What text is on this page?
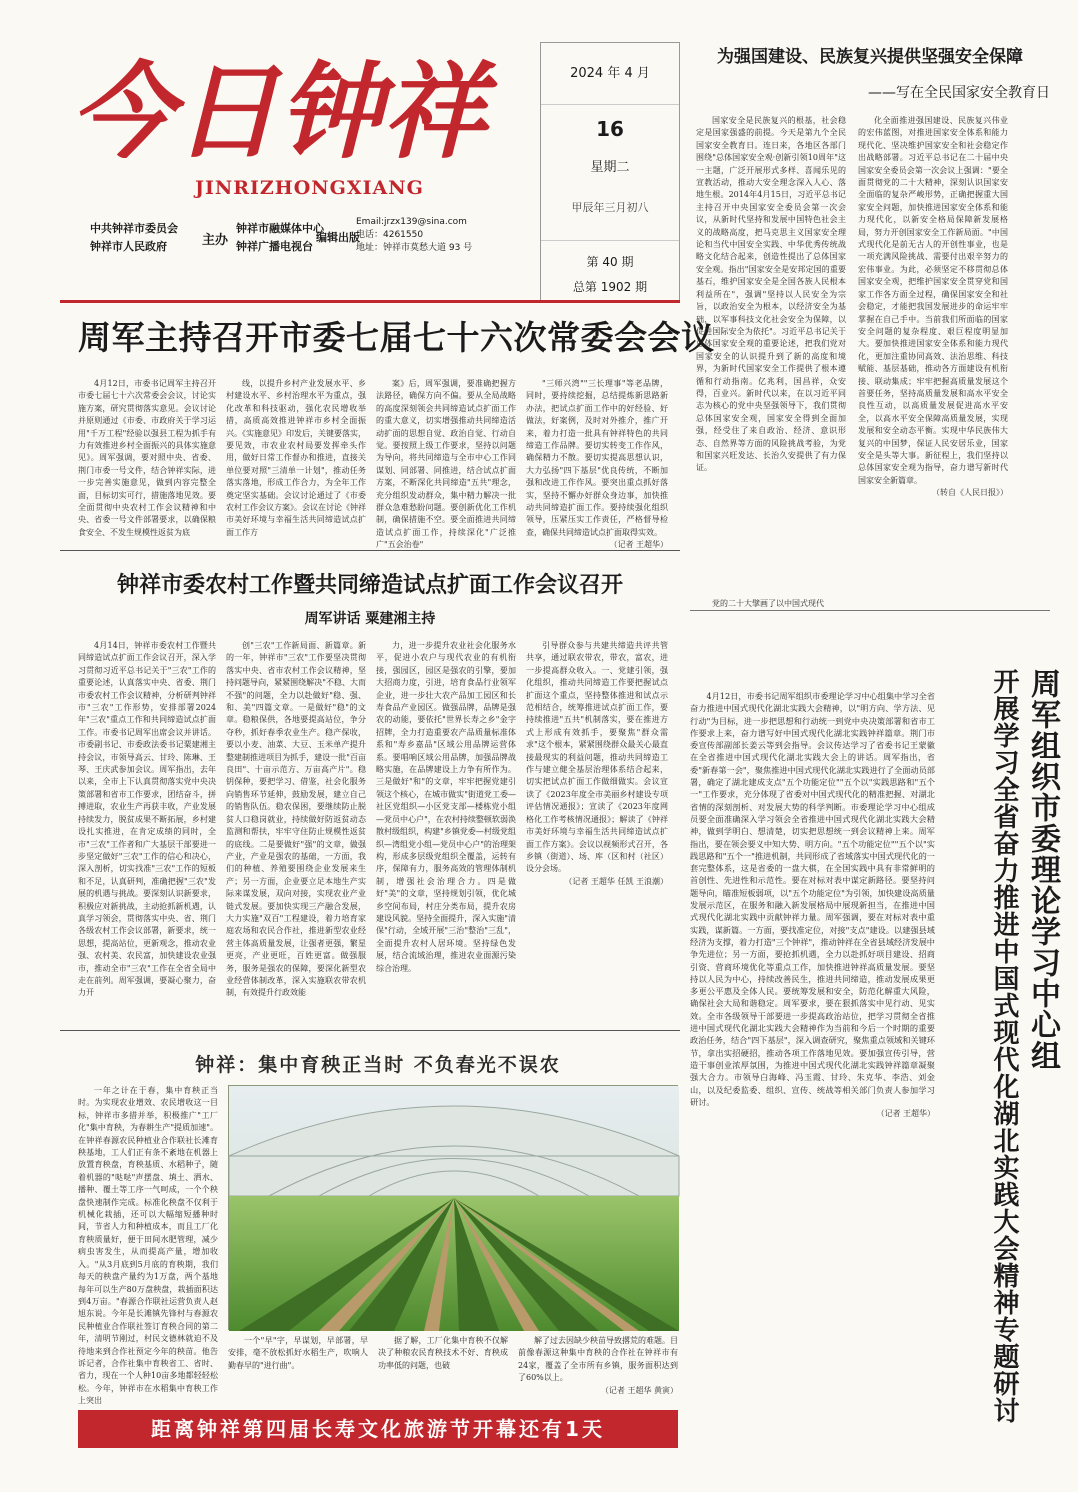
今日钟祥
JINRIZHONGXIANG
中共钟祥市委员会
钟祥市人民政府	主办
钟祥市融媒体中心
钟祥广播电视台
编辑出版
Email:jrzx139@sina.com
电话：4261550
地址：钟祥市莫愁大道 93 号
2024 年 4 月
16
星期二
甲辰年三月初八
第 40 期
总第 1902 期
周军主持召开市委七届七十六次常委会会议

4月12日，市委书记周军主持召开市委七届七十六次常委会会议，讨论实施方案，研究贯彻落实意见。会议讨论并原则通过《市委、市政府关于学习运用"千万工程"经验以强县工程为抓手有力有效推进乡村全面振兴的具体实施意见》。周军强调，要对照中央、省委、荆门市委一号文件，结合钟祥实际，进一步完善实施意见，做到内容完整全面，目标切实可行，措施落地见效。要全面贯彻中央农村工作会议精神和中央、省委一号文件部署要求，以确保粮食安全、不发生规模性返贫为底

线，以提升乡村产业发展水平、乡村建设水平、乡村治理水平为重点，强化改革和科技驱动，强化农民增收举措，高质高效推进钟祥市乡村全面振兴。《实施意见》印发后，关键要落实，要见效，市农业农村局要发挥牵头作用，做好日常工作督办和推进，直接关单位要对照"三清单一计划"，推动任务落实落地，形成工作合力，为全年工作奠定坚实基础。会议讨论通过了《市委农村工作会议方案》。会议在讨论《钟祥市美好环境与幸福生活共同缔造试点扩面工作方

案》后，周军强调，要准确把握方法路径，确保方向不偏。要从全局战略的高度深刻领会共同缔造试点扩面工作的重大意义，切实增强推动共同缔造活动扩面的思想自觉、政治自觉、行动自觉。要按照上级工作要求，坚持以问题为导向，将共同缔造与全市中心工作同谋划、同部署、同推进，结合试点扩面方案，不断深化共同缔造"五共"理念，充分组织发动群众，集中精力解决一批群众急难愁盼问题。要创新优化工作机制，确保措施不空。要全面推进共同缔造试点扩面工作，持续深化"广泛推广"五会治卷"

"三师兴湾""三长理事"等老品牌，同时，要持续挖掘，总结提炼新思路新办法，把试点扩面工作中的好经验、好做法，好案例，及时对外推介，推广开来，着力打造一批具有钟祥特色的共同缔造工作品牌。要切实转变工作作风，确保精力不散。要切实提高思想认识，大力弘扬"四下基层"优良传统，不断加强和改进工作作风。要突出重点抓好落实，坚持不懈办好群众身边事，加快推动共同缔造扩面工作。要持续强化组织领导，压紧压实工作责任，严格督导检查，确保共同缔造试点扩面取得实效。

（记者 王超华）
钟祥市委农村工作暨共同缔造试点扩面工作会议召开
周军讲话 粟建湘主持

4月14日，钟祥市委农村工作暨共同缔造试点扩面工作会议召开，深入学习贯彻习近平总书记关于"三农"工作的重要论述，认真落实中央、省委、荆门市委农村工作会议精神，分析研判钟祥市"三农"工作形势，安排部署2024年"三农"重点工作和共同缔造试点扩面工作。市委书记周军出席会议并讲话。市委副书记、市委政法委书记粟建湘主持会议，市领导高云、甘玲、陈琳、王琴、王庆武参加会议。周军指出，去年以来，全市上下认真贯彻落实党中央决策部署和省市工作要求，团结奋斗，拼搏进取，农业生产再获丰收，产业发展持续发力，脱贫成果不断拓展，乡村建设扎实推进，在肯定成绩的同时，全市"三农"工作者和广大基层干部要进一步坚定做好"三农"工作的信心和决心，深入剖析，切实找准"三农"工作的短板和不足，认真研判，准确把握"三农"发展的机遇与挑战。要深刻认识新要求，积极应对新挑战，主动抢抓新机遇，认真学习领会，贯彻落实中央、省、荆门各级农村工作会议部署，新要求，统一思想，提高站位，更新观念，推动农业强、农村美、农民富，加快建设农业强市，推动全市"三农"工作在全省全局中走在前列。周军强调，要凝心聚力，奋力开

创"三农"工作新局面、新篇章。新的一年，钟祥市"三农"工作要坚决贯彻落实中央、省市农村工作会议精神，坚持问题导向，紧紧围绕解决"不稳、大而不强"的问题，全力以赴做好"稳、强、和、美"四篇文章。一是做好"稳"的文章。稳粮保供，各地要提高站位，争分夺秒，抓好春季农业生产。稳产保收，要以小麦、油菜、大豆、玉米单产提升整建制推进项目为抓手，建设一批"百亩良田"、十亩示范方、万亩高产片"。稳钥保种，要把学习、借鉴，社会化服务向销售环节延伸，鼓励发展，建立自己的销售队伍。稳农保困，要继续防止脱贫人口稳岗就业，持续做好防返贫动态监测和帮扶，牢牢守住防止规模性返贫的底线。二是要做好"强"的文章，做强产业，产业是强农的基础，一方面，我们的种植、养殖要围绕企业发展来生产；另一方面，企业要立足本地生产实际来谋发展，双向对接，实现农业产业链式发展。要加快实现三产融合发展，大力实施"双百"工程建设，着力培育家庭农场和农民合作社，推进新型农业经营主体高质量发展，让强者更强，繁星更亮，产业更旺，百姓更富。做强服务，服务是强农的保障，要深化新型农业经营体制改革，深入实施联农带农机制，有效提升行政效能

力，进一步提升农业社会化服务水平，促进小农户与现代农业的有机衔接，强园区，园区是强农的引擎，要加大招商力度，引进，培育食品行业领军企业，进一步壮大农产品加工园区和长寿食品产业园区。做强品牌，品牌是强农的动能，要依托"世界长寿之乡"金字招牌，全力打造重要农产品质量标准体系和"寿乡嘉品"区域公用品牌运营体系。要唱响区域公用品牌，加强品牌战略实施，在品牌建设上力争有所作为。三是做好"和"的文章，牢牢把握党建引领这个核心，在城市做实"街道党工委—社区党组织—小区党支部—楼栋党小组—党员中心户"，在农村持续整顿软弱涣散村级组织，构建"乡镇党委—村级党组织—湾组党小组—党员中心户"的治理架构，形成多层级党组织全覆盖，运转有序，保障有力，服务高效的管理体制机制，增强社会治理合力。四是做好"美"的文章，坚持规划引领，优化城乡空间布局，村庄分类布局，提升农房建设风貌。坚持全面提升，深入实施"清保"行动，全域开展"三治"整治"三乱"，全面提升农村人居环境。坚持绿色发展，结合流域治理，推进农业面源污染综合治理。

引导群众参与共建共缔造共评共管共享，通过联农带农，带农，富农，进一步提高群众收入。一、党建引领，强化组织，推动共同缔造工作要把握试点扩面这个重点，坚持整体推进和试点示范相结合，统筹推进试点扩面工作，要持续推进"五共"机制落实，要在推进方式上形成有效抓手，要聚焦"群众需求"这个根本，紧紧围绕群众最关心最直接最现实的利益问题，推动共同缔造工作与建立健全基层治理体系结合起来，切实把试点扩面工作做细做实。会议宣读了《2023年度全市美丽乡村建设专项评估情况通报》；宣读了《2023年度网格化工作考核情况通报》；解读了《钟祥市美好环境与幸福生活共同缔造试点扩面工作方案》。会议以视频形式召开，各乡镇（街道）、场、库（区和村（社区）设分会场。

（记者 王超华 任凯 王浪潮）
钟祥：集中育秧正当时 不负春光不误农

一年之计在于春，集中育秧正当时。为实现农业增效、农民增收这一目标，钟祥市多措并举，积极推广"工厂化"集中育秧，为春耕生产"提质加速"。在钟祥春源农民种植业合作联社长滩育秧基地，工人们正有条不紊地在机器上放置育秧盘，育秧基质、水稻种子，随着机器的"哒哒"声摆盘、填土、洒水、播种、覆土等工序一气呵成，一个个秧盘快速制作完成。标准化秧盘不仅利于机械化栽插，还可以大幅缩短播种时间，节省人力和种植成本，而且工厂化育秧质量好，便于田间水肥管理，减少病虫害发生，从而提高产量，增加收入。"从3月底到5月底的育秧期，我们每天的秧盘产量约为1万盘，两个基地每年可以生产80万盘秧盘，栽插面积达到4万亩。"春源合作联社运营负责人赵旭东说。今年是长滩镇先锋村与春源农民种植业合作联社签订育秧合同的第二年，清明节刚过，村民文德林就迫不及待地来到合作社预定今年的秧苗。他告诉记者，合作社集中育秧省工、省时、省力，现在一个人种10亩多地都轻轻松松。今年，钟祥市在水稻集中育秧工作上突出

一个"早"字，早谋划，早部署，早安排，毫不放松抓好水稻生产，吹响人勤春早的"进行曲"。

据了解，工厂化集中育秧不仅解决了种粮农民育秧技术不好、育秧成功率低的问题，也破

解了过去因缺少秧苗导致撂荒的难题。目前像春源这种集中育秧的合作社在钟祥市有24家，覆盖了全市所有乡镇，服务面积达到了60%以上。

（记者 王超华 黄寅）
距离钟祥第四届长寿文化旅游节开幕还有1天
为强国建设、民族复兴提供坚强安全保障
——写在全民国家安全教育日

国家安全是民族复兴的根基，社会稳定是国家强盛的前提。今天是第九个全民国家安全教育日。连日来，各地区各部门围绕"总体国家安全观·创新引领10周年"这一主题，广泛开展形式多样、喜闻乐见的宣教活动，推动大安全理念深入人心、落地生根。2014年4月15日，习近平总书记主持召开中央国家安全委员会第一次会议，从新时代坚持和发展中国特色社会主义的战略高度，把马克思主义国家安全理论和当代中国安全实践、中华优秀传统战略文化结合起来，创造性提出了总体国家安全观。指出"国家安全是安邦定国的重要基石，维护国家安全是全国各族人民根本利益所在"，强调"坚持以人民安全为宗旨，以政治安全为根本，以经济安全为基础，以军事科技文化社会安全为保障，以促进国际安全为依托"。习近平总书记关于总体国家安全观的重要论述，把我们党对国家安全的认识提升到了新的高度和境界，为新时代国家安全工作提供了根本遵循和行动指南。亿兆利，国昌祥，众安得，百业兴。新时代以来，在以习近平同志为核心的党中央坚强领导下，我们贯彻总体国家安全观，国家安全得到全面加强，经受住了来自政治、经济、意识形态、自然界等方面的风险挑战考验，为党和国家兴旺发达、长治久安提供了有力保证。

化全面推进强国建设、民族复兴伟业的宏伟蓝图，对推进国家安全体系和能力现代化、坚决维护国家安全和社会稳定作出战略部署。习近平总书记在二十届中央国家安全委员会第一次会议上强调："要全面贯彻党的二十大精神，深刻认识国家安全面临的复杂严峻形势，正确把握重大国家安全问题，加快推进国家安全体系和能力现代化，以新安全格局保障新发展格局，努力开创国家安全工作新局面。"中国式现代化是前无古人的开创性事业，也是一项充满风险挑战、需要付出艰辛努力的宏伟事业。为此，必须坚定不移贯彻总体国家安全观，把维护国家安全贯穿党和国家工作各方面全过程，确保国家安全和社会稳定，才能把我国发展进步的命运牢牢掌握在自己手中。当前我们所面临的国家安全问题的复杂程度、艰巨程度明显加大。要加快推进国家安全体系和能力现代化，更加注重协同高效、法治思维、科技赋能、基层基础，推动各方面建设有机衔接、联动集成；牢牢把握高质量发展这个首要任务，坚持高质量发展和高水平安全良性互动，以高质量发展促进高水平安全，以高水平安全保障高质量发展，实现发展和安全动态平衡。实现中华民族伟大复兴的中国梦，保证人民安居乐业，国家安全是头等大事。新征程上，我们坚持以总体国家安全观为指导，奋力谱写新时代国家安全新篇章。

（转自《人民日报》）

党的二十大擘画了以中国式现代

周军组织市委理论学习中心组
开展学习全省奋力推进中国式现代化湖北实践大会精神专题研讨

4月12日，市委书记周军组织市委理论学习中心组集中学习全省奋力推进中国式现代化湖北实践大会精神，以"明方向、学方法、见行动"为目标，进一步把思想和行动统一到党中央决策部署和省市工作要求上来，奋力谱写好中国式现代化湖北实践钟祥篇章。荆门市委宣传部副部长姜云等到会指导。会议传达学习了省委书记王蒙徽在全省推进中国式现代化湖北实践大会上的讲话。周军指出，省委"新春第一会"，聚焦推进中国式现代化湖北实践进行了全面动员部署，确定了湖北建成支点"五个功能定位""五个以"实践思路和"五个一"工作要求，充分体现了省委对中国式现代化的精准把握、对湖北省情的深刻剖析、对发展大势的科学判断。市委理论学习中心组成员要全面准确深入学习领会全省推进中国式现代化湖北实践大会精神，做到学明白、想清楚，切实把思想统一到会议精神上来。周军指出，要在领会要义中知大势、明方向。"五个功能定位""五个以"实践思路和"五个一"推进机制，共同形成了省域落实中国式现代化的一套完整体系，这是省委的一盘大棋，在全国实践中具有非常鲜明的首创性、先进性和示范性。要在对标对表中谋定新路径。要坚持问题导向，瞄准短板弱项，以"五个功能定位"为引领，加快建设高质量发展示范区，在服务和融入新发展格局中展现新担当，在推进中国式现代化湖北实践中贡献钟祥力量。周军强调，要在对标对表中重实践，谋新篇。一方面，要找准定位，对接"支点"建设。以建强县域经济为支撑，着力打造"三个钟祥"，推动钟祥在全省县域经济发展中争先进位；另一方面，要抢抓机遇，全力以赴抓好项目建设、招商引资、营商环境优化等重点工作，加快推进钟祥高质量发展。要坚持以人民为中心，持续改善民生，推进共同缔造，推动发展成果更多更公平惠及全体人民。要统筹发展和安全，防范化解重大风险，确保社会大局和谐稳定。周军要求，要在狠抓落实中见行动、见实效。全市各级领导干部要进一步提高政治站位，把学习贯彻全省推进中国式现代化湖北实践大会精神作为当前和今后一个时期的重要政治任务，结合"四下基层"，深入调查研究，聚焦重点领域和关键环节，拿出实招硬招，推动各项工作落地见效。要加强宣传引导，营造干事创业浓厚氛围，为推进中国式现代化湖北实践钟祥篇章凝聚强大合力。市领导白海峰、冯玉霞、甘玲、朱克华、李浩、刘金山，以及纪委监委、组织、宣传、统战等相关部门负责人参加学习研讨。

（记者 王超华）
